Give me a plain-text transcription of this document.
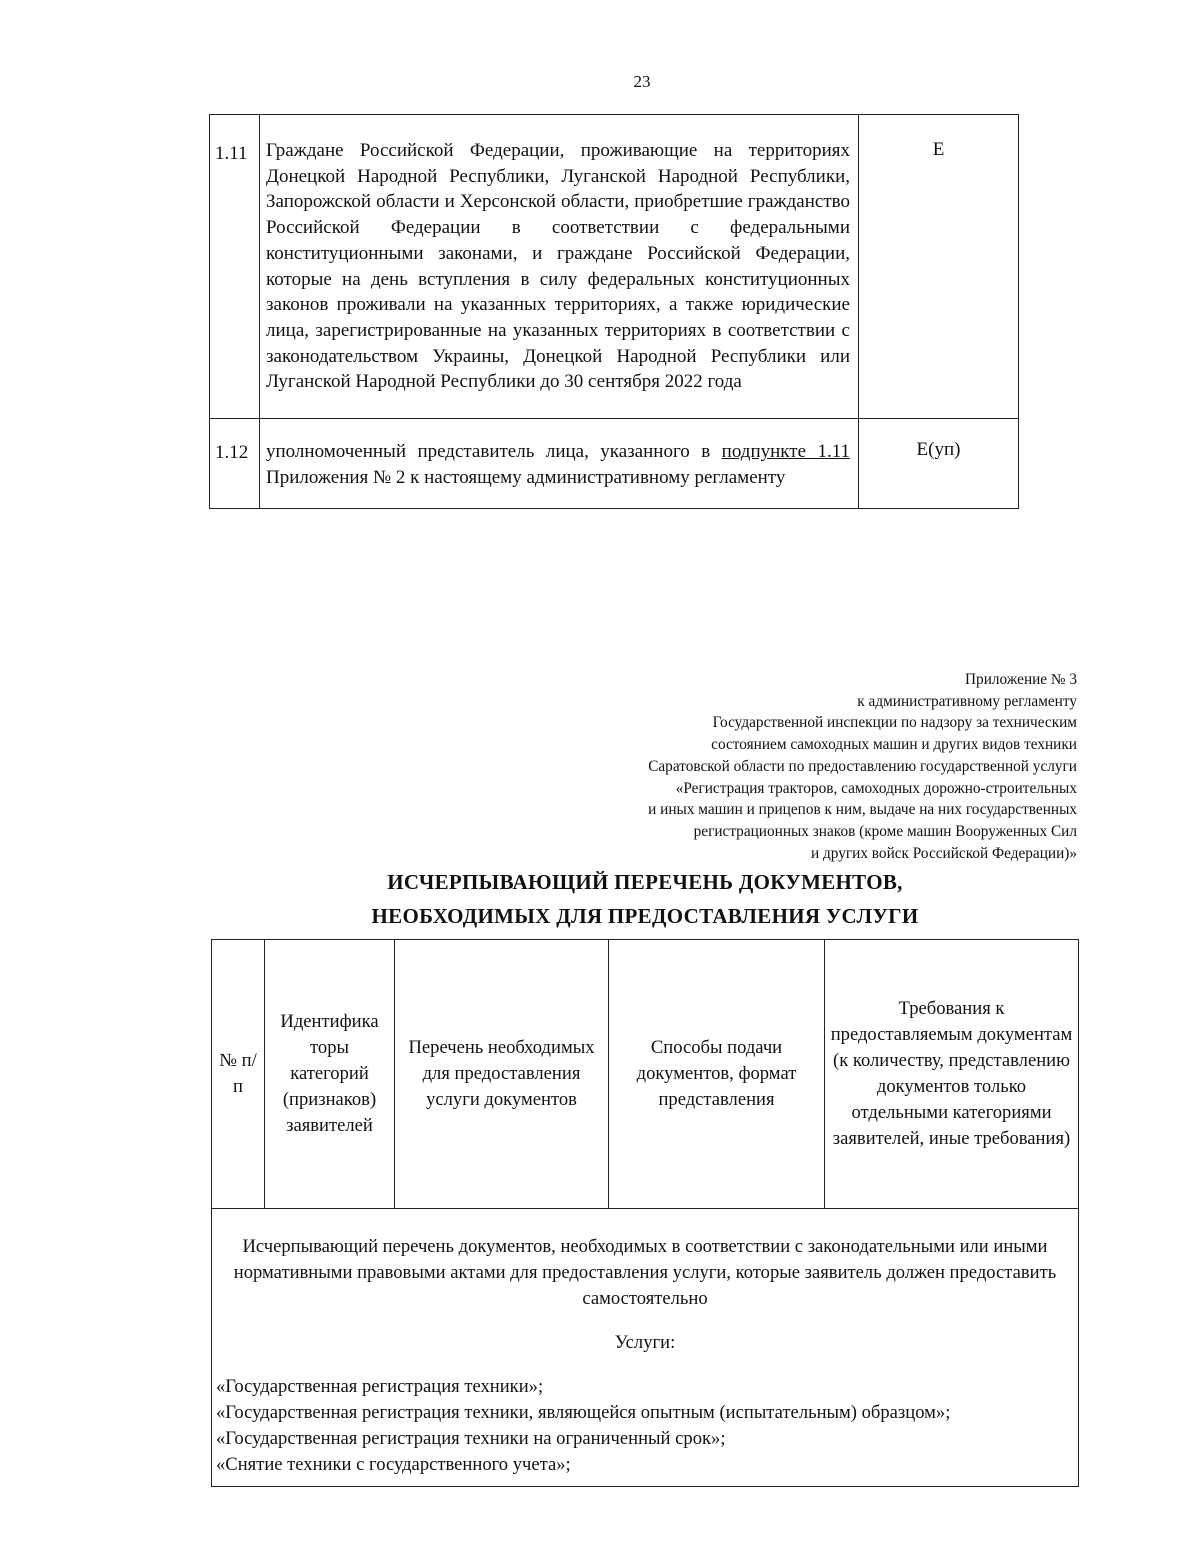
23
1.11	Граждане Российской Федерации, проживающие на территориях Донецкой Народной Республики, Луганской Народной Республики, Запорожской области и Херсонской области, приобретшие гражданство Российской Федерации в соответствии с федеральными конституционными законами, и граждане Российской Федерации, которые на день вступления в силу федеральных конституционных законов проживали на указанных территориях, а также юридические лица, зарегистрированные на указанных территориях в соответствии с законодательством Украины, Донецкой Народной Республики или Луганской Народной Республики до 30 сентября 2022 года	Е
1.12	уполномоченный представитель лица, указанного в подпункте 1.11 Приложения № 2 к настоящему административному регламенту	Е(уп)
Приложение № 3
к административному регламенту
Государственной инспекции по надзору за техническим
состоянием самоходных машин и других видов техники
Саратовской области по предоставлению государственной услуги
«Регистрация тракторов, самоходных дорожно-строительных
и иных машин и прицепов к ним, выдаче на них государственных
регистрационных знаков (кроме машин Вооруженных Сил
и других войск Российской Федерации)»
ИСЧЕРПЫВАЮЩИЙ ПЕРЕЧЕНЬ ДОКУМЕНТОВ,
НЕОБХОДИМЫХ ДЛЯ ПРЕДОСТАВЛЕНИЯ УСЛУГИ
№ п/п	Идентифика торы категорий (признаков) заявителей	Перечень необходимых для предоставления услуги документов	Способы подачи документов, формат представления	Требования к предоставляемым документам (к количеству, представлению документов только отдельными категориями заявителей, иные требования)

Исчерпывающий перечень документов, необходимых в соответствии с законодательными или иными нормативными правовыми актами для предоставления услуги, которые заявитель должен предоставить самостоятельно

Услуги:

«Государственная регистрация техники»;
«Государственная регистрация техники, являющейся опытным (испытательным) образцом»;
«Государственная регистрация техники на ограниченный срок»;
«Снятие техники с государственного учета»;
